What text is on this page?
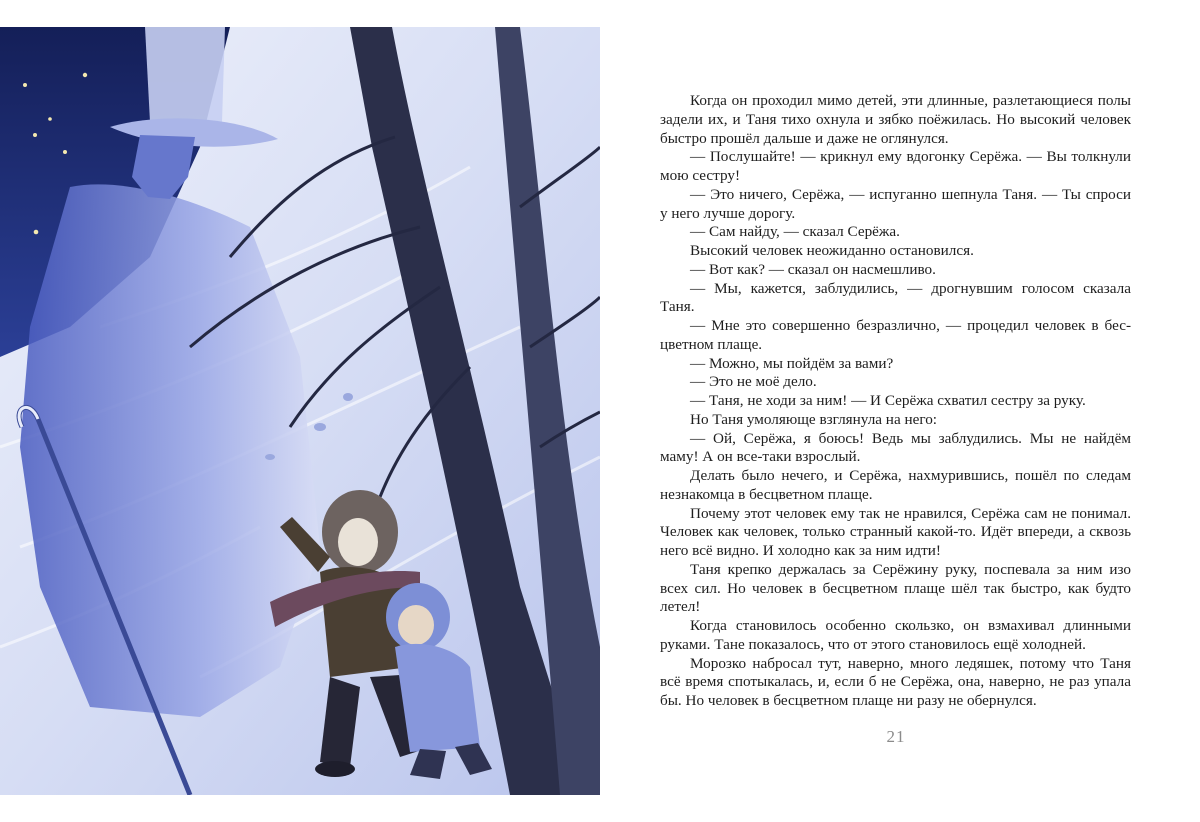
Когда он проходил мимо детей, эти длинные, разлетающиеся полы задели их, и Таня тихо охнула и зябко поёжилась. Но высокий человек быстро прошёл дальше и даже не оглянулся.

— Послушайте! — крикнул ему вдогонку Серёжа. — Вы толкнули мою сестру!

— Это ничего, Серёжа, — испуганно шепнула Таня. — Ты спроси у него лучше дорогу.

— Сам найду, — сказал Серёжа.

Высокий человек неожиданно остановился.

— Вот как? — сказал он насмешливо.

— Мы, кажется, заблудились, — дрогнувшим голосом сказала Таня.

— Мне это совершенно безразлично, — процедил человек в бесцветном плаще.

— Можно, мы пойдём за вами?

— Это не моё дело.

— Таня, не ходи за ним! — И Серёжа схватил сестру за руку.

Но Таня умоляюще взглянула на него:

— Ой, Серёжа, я боюсь! Ведь мы заблудились. Мы не найдём маму! А он все-таки взрослый.

Делать было нечего, и Серёжа, нахмурившись, пошёл по следам незнакомца в бесцветном плаще.

Почему этот человек ему так не нравился, Серёжа сам не понимал. Человек как человек, только странный какой-то. Идёт впереди, а сквозь него всё видно. И холодно как за ним идти!

Таня крепко держалась за Серёжину руку, поспевала за ним изо всех сил. Но человек в бесцветном плаще шёл так быстро, как будто летел!

Когда становилось особенно скользко, он взмахивал длинными руками. Тане показалось, что от этого становилось ещё холодней.

Морозко набросал тут, наверно, много ледяшек, потому что Таня всё время спотыкалась, и, если б не Серёжа, она, наверно, не раз упала бы. Но человек в бесцветном плаще ни разу не обернулся.

21
